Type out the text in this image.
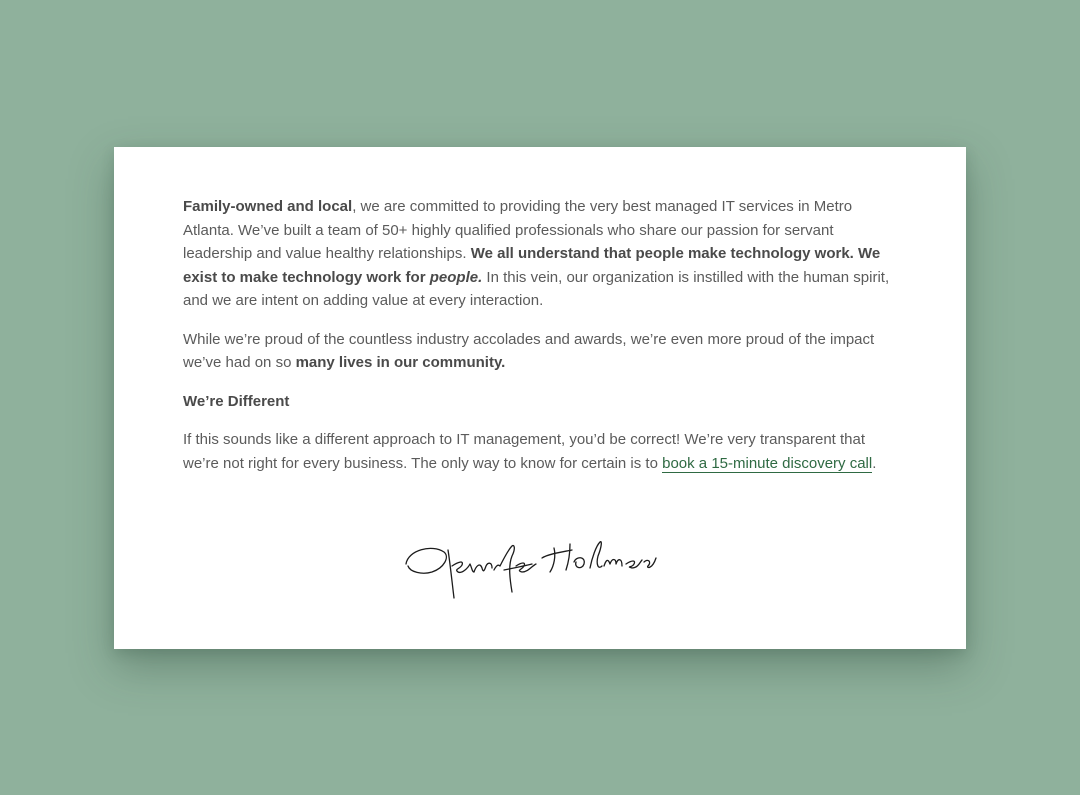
Family-owned and local, we are committed to providing the very best managed IT services in Metro Atlanta. We’ve built a team of 50+ highly qualified professionals who share our passion for servant leadership and value healthy relationships. We all understand that people make technology work. We exist to make technology work for people. In this vein, our organization is instilled with the human spirit, and we are intent on adding value at every interaction.

While we’re proud of the countless industry accolades and awards, we’re even more proud of the impact we’ve had on so many lives in our community.

We’re Different

If this sounds like a different approach to IT management, you’d be correct! We’re very transparent that we’re not right for every business. The only way to know for certain is to book a 15-minute discovery call.
